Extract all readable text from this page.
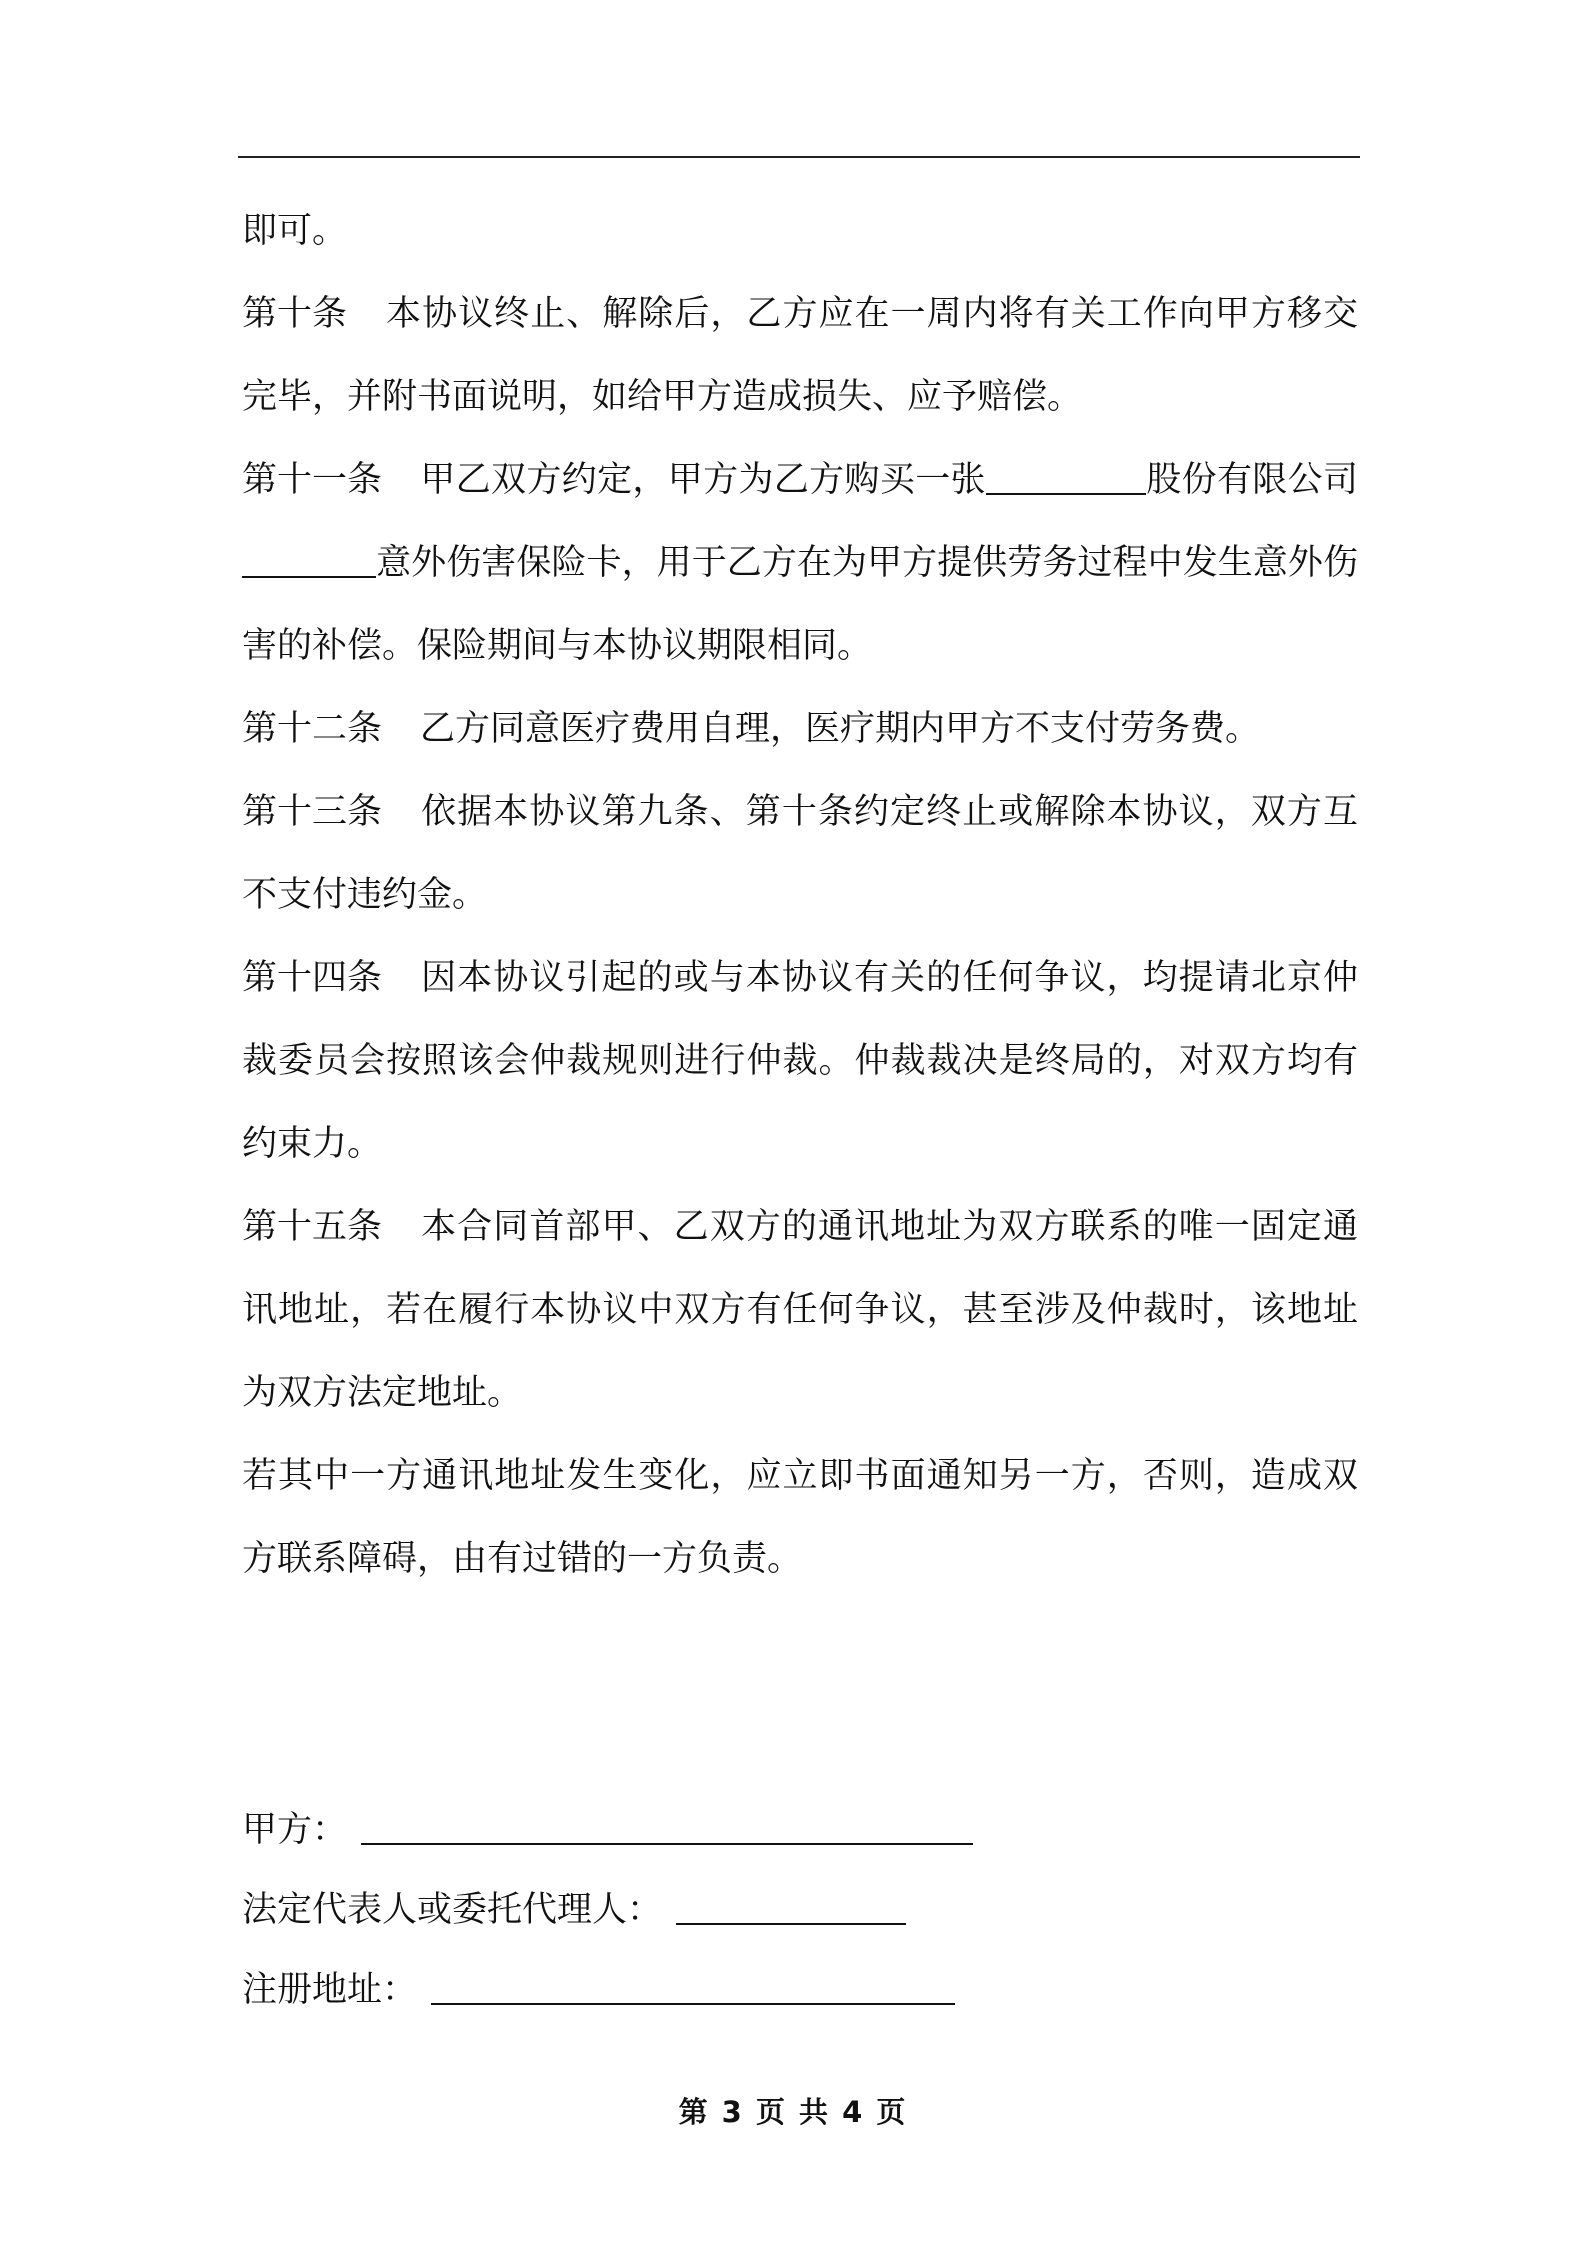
即可。

第十条 本协议终止、解除后，乙方应在一周内将有关工作向甲方移交完毕，并附书面说明，如给甲方造成损失、应予赔偿。

第十一条 甲乙双方约定，甲方为乙方购买一张	股份有限公司意外伤害保险卡，用于乙方在为甲方提供劳务过程中发生意外伤害的补偿。保险期间与本协议期限相同。

第十二条 乙方同意医疗费用自理，医疗期内甲方不支付劳务费。

第十三条 依据本协议第九条、第十条约定终止或解除本协议，双方互不支付违约金。

第十四条 因本协议引起的或与本协议有关的任何争议，均提请北京仲裁委员会按照该会仲裁规则进行仲裁。仲裁裁决是终局的，对双方均有约束力。

第十五条 本合同首部甲、乙双方的通讯地址为双方联系的唯一固定通讯地址，若在履行本协议中双方有任何争议，甚至涉及仲裁时，该地址为双方法定地址。

若其中一方通讯地址发生变化，应立即书面通知另一方，否则，造成双方联系障碍，由有过错的一方负责。

甲方：
法定代表人或委托代理人：
注册地址：
第 3 页 共 4 页
